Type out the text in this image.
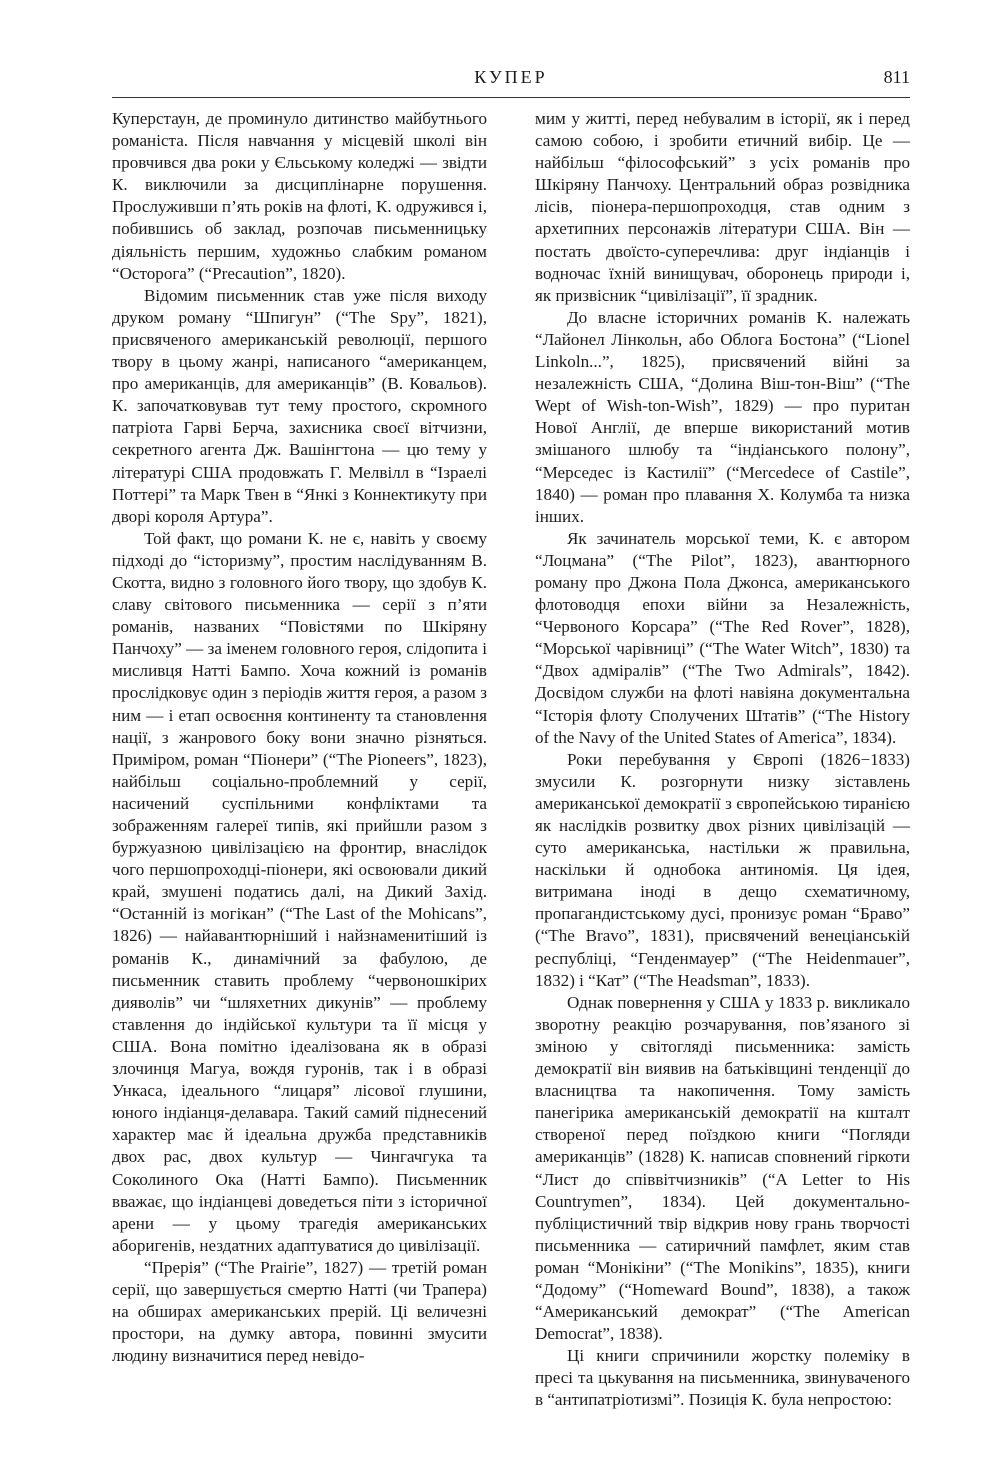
КУПЕР	811

Куперстаун, де проминуло дитинство майбутнього романіста. Після навчання у місцевій школі він провчився два роки у Єльському коледжі — звідти К. виключили за дисциплінарне порушення. Прослуживши п’ять років на флоті, К. одружився і, побившись об заклад, розпочав письменницьку діяльність першим, художньо слабким романом “Осторога” (“Precaution”, 1820).

Відомим письменник став уже після виходу друком роману “Шпигун” (“The Spy”, 1821), присвяченого американській революції, першого твору в цьому жанрі, написаного “американцем, про американців, для американців” (В. Ковальов). К. започатковував тут тему простого, скромного патріота Гарві Берча, захисника своєї вітчизни, секретного агента Дж. Вашінгтона — цю тему у літературі США продовжать Г. Мелвілл в “Ізраелі Поттері” та Марк Твен в “Янкі з Коннектикуту при дворі короля Артура”.

Той факт, що романи К. не є, навіть у своєму підході до “історизму”, простим наслідуванням В. Скотта, видно з головного його твору, що здобув К. славу світового письменника — серії з п’яти романів, названих “Повістями по Шкіряну Панчоху” — за іменем головного героя, слідопита і мисливця Натті Бампо. Хоча кожний із романів прослідковує один з періодів життя героя, а разом з ним — і етап освоєння континенту та становлення нації, з жанрового боку вони значно різняться. Приміром, роман “Піонери” (“The Pioneers”, 1823), найбільш соціально-проблемний у серії, насичений суспільними конфліктами та зображенням галереї типів, які прийшли разом з буржуазною цивілізацією на фронтир, внаслідок чого першопроходці-піонери, які освоювали дикий край, змушені податись далі, на Дикий Захід. “Останній із могікан” (“The Last of the Mohicans”, 1826) — найавантюрніший і найзнаменитіший із романів К., динамічний за фабулою, де письменник ставить проблему “червоношкірих дияволів” чи “шляхетних дикунів” — проблему ставлення до індійської культури та її місця у США. Вона помітно ідеалізована як в образі злочинця Магуа, вождя гуронів, так і в образі Ункаса, ідеального “лицаря” лісової глушини, юного індіанця-делавара. Такий самий піднесений характер має й ідеальна дружба представників двох рас, двох культур — Чингачгука та Соколиного Ока (Натті Бампо). Письменник вважає, що індіанцеві доведеться піти з історичної арени — у цьому трагедія американських аборигенів, нездатних адаптуватися до цивілізації.

“Прерія” (“The Prairie”, 1827) — третій роман серії, що завершується смертю Натті (чи Трапера) на обширах американських прерій. Ці величезні простори, на думку автора, повинні змусити людину визначитися перед невідо-

мим у житті, перед небувалим в історії, як і перед самою собою, і зробити етичний вибір. Це — найбільш “філософський” з усіх романів про Шкіряну Панчоху. Центральний образ розвідника лісів, піонера-першопроходця, став одним з архетипних персонажів літератури США. Він — постать двоїсто-суперечлива: друг індіанців і водночас їхній винищувач, оборонець природи і, як призвісник “цивілізації”, її зрадник.

До власне історичних романів К. належать “Лайонел Лінкольн, або Облога Бостона” (“Lionel Linkoln...”, 1825), присвячений війні за незалежність США, “Долина Віш-тон-Віш” (“The Wept of Wish-ton-Wish”, 1829) — про пуритан Нової Англії, де вперше використаний мотив змішаного шлюбу та “індіанського полону”, “Мерседес із Кастилії” (“Mercedece of Castile”, 1840) — роман про плавання Х. Колумба та низка інших.

Як зачинатель морської теми, К. є автором “Лоцмана” (“The Pilot”, 1823), авантюрного роману про Джона Пола Джонса, американського флотоводця епохи війни за Незалежність, “Червоного Корсара” (“The Red Rover”, 1828), “Морської чарівниці” (“The Water Witch”, 1830) та “Двох адміралів” (“The Two Admirals”, 1842). Досвідом служби на флоті навіяна документальна “Історія флоту Сполучених Штатів” (“The History of the Navy of the United States of America”, 1834).

Роки перебування у Європі (1826−1833) змусили К. розгорнути низку зіставлень американської демократії з європейською тиранією як наслідків розвитку двох різних цивілізацій — суто американська, настільки ж правильна, наскільки й однобока антиномія. Ця ідея, витримана іноді в дещо схематичному, пропагандистському дусі, пронизує роман “Браво” (“The Bravo”, 1831), присвячений венеціанській республіці, “Генденмауер” (“The Heidenmauer”, 1832) і “Кат” (“The Headsman”, 1833).

Однак повернення у США у 1833 р. викликало зворотну реакцію розчарування, пов’язаного зі зміною у світогляді письменника: замість демократії він виявив на батьківщині тенденції до власництва та накопичення. Тому замість панегірика американській демократії на кшталт створеної перед поїздкою книги “Погляди американців” (1828) К. написав сповнений гіркоти “Лист до співвітчизників” (“A Letter to His Countrymen”, 1834). Цей документально-публіцистичний твір відкрив нову грань творчості письменника — сатиричний памфлет, яким став роман “Монікіни” (“The Monikins”, 1835), книги “Додому” (“Homeward Bound”, 1838), а також “Американський демократ” (“The American Democrat”, 1838).

Ці книги спричинили жорстку полеміку в пресі та цькування на письменника, звинуваченого в “антипатріотизмі”. Позиція К. була непростою:
